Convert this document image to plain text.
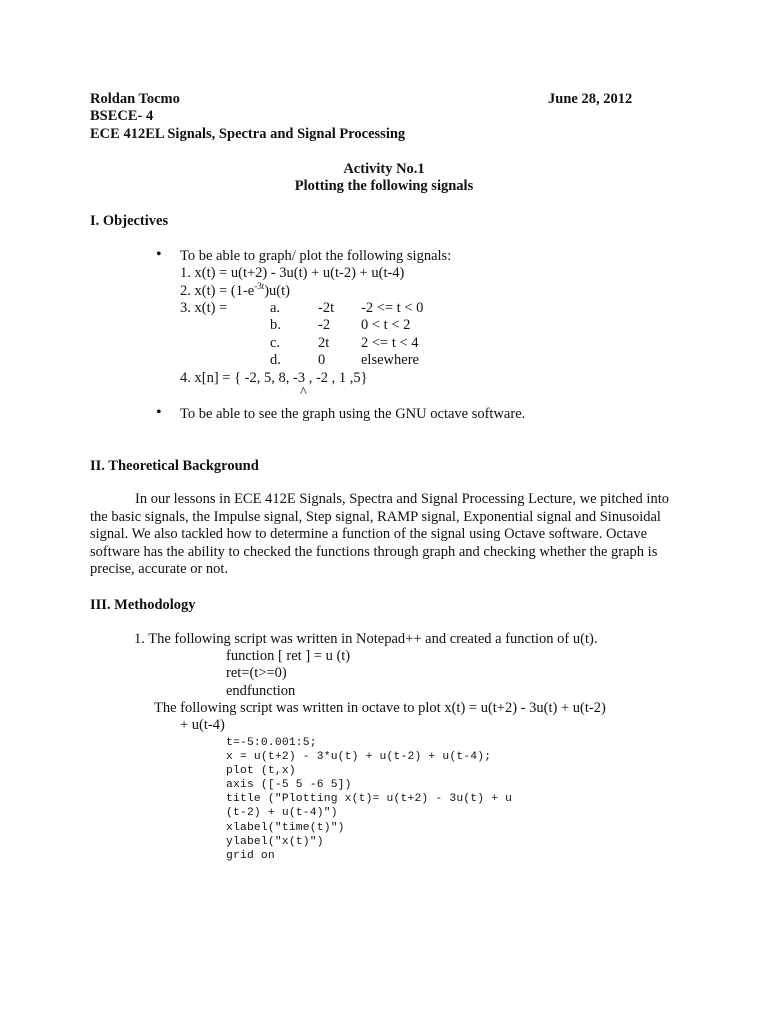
Roldan Tocmo	June 28, 2012
BSECE- 4
ECE 412EL Signals, Spectra and Signal Processing
Activity No.1
Plotting the following signals
I. Objectives
• To be able to graph/ plot the following signals:
1. x(t) = u(t+2) - 3u(t) + u(t-2) + u(t-4)
2. $x(t) = (1-e^{-3t})u(t)$
3. x(t) =	a.	-2t -2 <= t < 0
b.	-2 0 < t < 2
c.	2t 2 <= t < 4
d.	0 elsewhere
4. x[n] = { -2, 5, 8, -3 , -2 , 1 ,5}
^
• To be able to see the graph using the GNU octave software.
II. Theoretical Background
In our lessons in ECE 412E Signals, Spectra and Signal Processing Lecture, we pitched into the basic signals, the Impulse signal, Step signal, RAMP signal, Exponential signal and Sinusoidal signal. We also tackled how to determine a function of the signal using Octave software. Octave software has the ability to checked the functions through graph and checking whether the graph is precise, accurate or not.
III. Methodology
1. The following script was written in Notepad++ and created a function of u(t).
function [ ret ] = u (t)
ret=(t>=0)
endfunction
The following script was written in octave to plot x(t) = u(t+2) - 3u(t) + u(t-2)
+ u(t-4)
t=-5:0.001:5;
x = u(t+2) - 3*u(t) + u(t-2) + u(t-4);
plot (t,x)
axis ([-5 5 -6 5])
title ("Plotting x(t)= u(t+2) - 3u(t) + u
(t-2) + u(t-4)")
xlabel("time(t)")
ylabel("x(t)")
grid on
